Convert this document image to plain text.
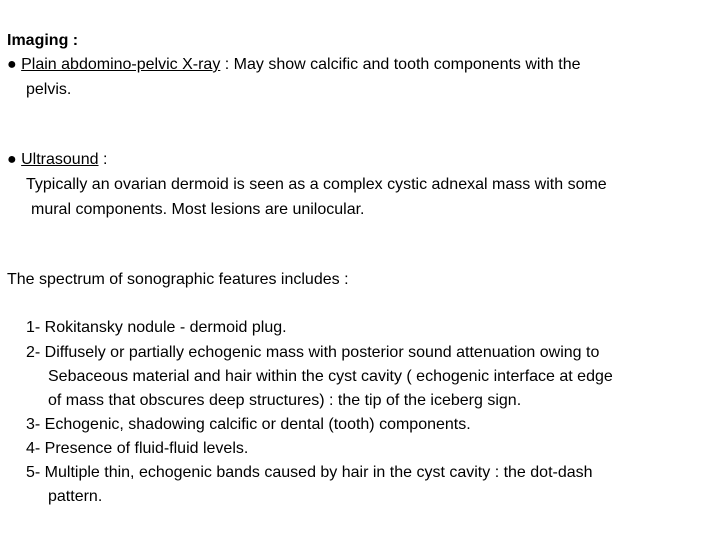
Imaging :
● Plain abdomino-pelvic X-ray : May show calcific and tooth components with the
pelvis.
● Ultrasound :
Typically an ovarian dermoid is seen as a complex cystic adnexal mass with some
mural components. Most lesions are unilocular.
The spectrum of sonographic features includes :
1- Rokitansky nodule - dermoid plug.
2- Diffusely or partially echogenic mass with posterior sound attenuation owing to
Sebaceous material and hair within the cyst cavity ( echogenic interface at edge
of mass that obscures deep structures) : the tip of the iceberg sign.
3- Echogenic, shadowing calcific or dental (tooth) components.
4- Presence of fluid-fluid levels.
5- Multiple thin, echogenic bands caused by hair in the cyst cavity : the dot-dash
pattern.
